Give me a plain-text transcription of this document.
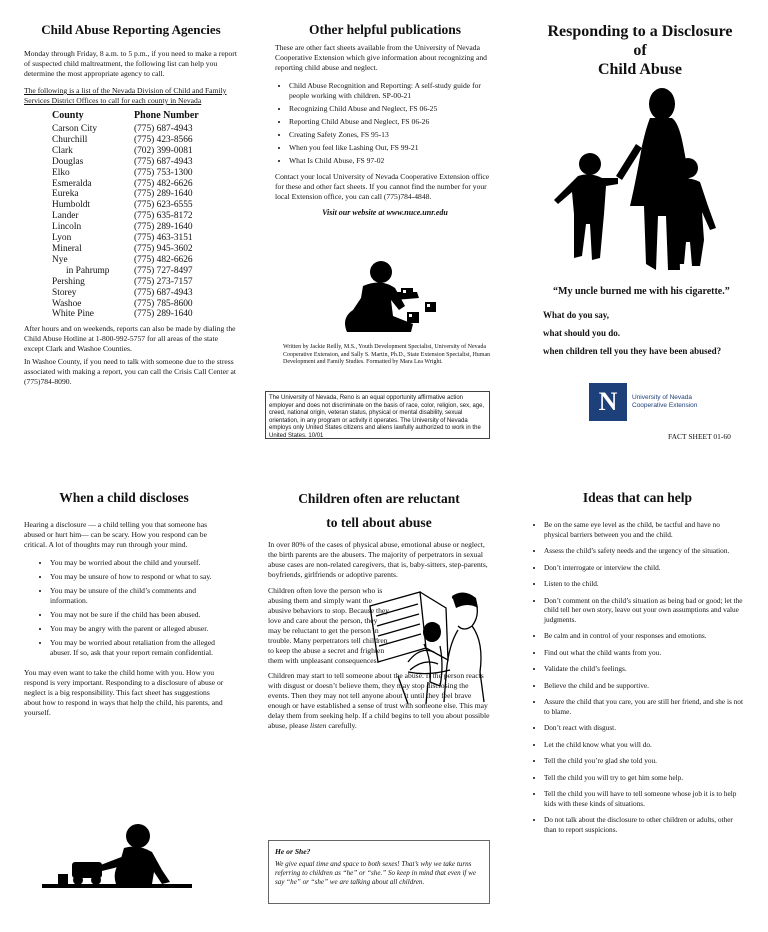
Child Abuse Reporting Agencies

Monday through Friday, 8 a.m. to 5 p.m., if you need to make a report of suspected child maltreatment, the following list can help you determine the most appropriate agency to call.

The following is a list of the Nevada Division of Child and Family Services District Offices to call for each county in Nevada

County	Phone Number
Carson City	(775) 687-4943
Churchill	(775) 423-8566
Clark	(702) 399-0081
Douglas	(775) 687-4943
Elko	(775) 753-1300
Esmeralda	(775) 482-6626
Eureka	(775) 289-1640
Humboldt	(775) 623-6555
Lander	(775) 635-8172
Lincoln	(775) 289-1640
Lyon	(775) 463-3151
Mineral	(775) 945-3602
Nye	(775) 482-6626
in Pahrump	(775) 727-8497
Pershing	(775) 273-7157
Storey	(775) 687-4943
Washoe	(775) 785-8600
White Pine	(775) 289-1640

After hours and on weekends, reports can also be made by dialing the Child Abuse Hotline at 1-800-992-5757 for all areas of the state except Clark and Washoe Counties.

In Washoe County, if you need to talk with someone due to the stress associated with making a report, you can call the Crisis Call Center at (775)784-8090.

Other helpful publications

These are other fact sheets available from the University of Nevada Cooperative Extension which give information about recognizing and reporting child abuse and neglect.

• Child Abuse Recognition and Reporting: A self-study guide for people working with children. SP-00-21
• Recognizing Child Abuse and Neglect, FS 06-25
• Reporting Child Abuse and Neglect, FS 06-26
• Creating Safety Zones, FS 95-13
• When you feel like Lashing Out, FS 99-21
• What Is Child Abuse, FS 97-02

Contact your local University of Nevada Cooperative Extension office for these and other fact sheets. If you cannot find the number for your local Extension office, you can call (775)784-4848.

Visit our website at www.nuce.unr.edu

Written by Jackie Reilly, M.S., Youth Development Specialist, University of Nevada Cooperative Extension, and Sally S. Martin, Ph.D., State Extension Specialist, Human Development and Family Studies. Formatted by Mara Lea Wright.

The University of Nevada, Reno is an equal opportunity affirmative action employer and does not discriminate on the basis of race, color, religion, sex, age, creed, national origin, veteran status, physical or mental disability, sexual orientation, in any program or activity it operates. The University of Nevada employs only United States citizens and aliens lawfully authorized to work in the United States. 10/01
Responding to a Disclosure
of
Child Abuse
“My uncle burned me with his cigarette.”
What do you say,
what should you do.
when children tell you they have been abused?
N University of Nevada
Cooperative Extension
FACT SHEET 01-60
When a child discloses

Hearing a disclosure — a child telling you that someone has abused or hurt him— can be scary. How you respond can be critical. A lot of thoughts may run through your mind.

• You may be worried about the child and yourself.
• You may be unsure of how to respond or what to say.
• You may be unsure of the child’s comments and information.
• You may not be sure if the child has been abused.
• You may be angry with the parent or alleged abuser.
• You may be worried about retaliation from the alleged abuser. If so, ask that your report remain confidential.

You may even want to take the child home with you. How you respond is very important. Responding to a disclosure of abuse or neglect is a big responsibility. This fact sheet has suggestions about how to respond in ways that help the child, his parents, and yourself.

Children often are reluctant
to tell about abuse

In over 80% of the cases of physical abuse, emotional abuse or neglect, the birth parents are the abusers. The majority of perpetrators in sexual abuse cases are non-related caregivers, that is, baby-sitters, step-parents, boyfriends, girlfriends or adoptive parents.

Children often love the person who is abusing them and simply want the abusive behaviors to stop. Because they love and care about the person, they may be reluctant to get the person in trouble. Many perpetrators tell children to keep the abuse a secret and frighten them with unpleasant consequences.

Children may start to tell someone about the abuse. If the person reacts with disgust or doesn’t believe them, they may stop disclosing the events. Then they may not tell anyone about it until they feel brave enough or have established a sense of trust with someone else. This may delay them from seeking help. If a child begins to tell you about possible abuse, please listen carefully.

He or She?
We give equal time and space to both sexes! That’s why we take turns referring to children as “he” or “she.” So keep in mind that even if we say “he” or “she” we are talking about all children.
Ideas that can help
• Be on the same eye level as the child, be tactful and have no physical barriers between you and the child.
• Assess the child’s safety needs and the urgency of the situation.
• Don’t interrogate or interview the child.
• Listen to the child.
• Don’t comment on the child’s situation as being bad or good; let the child tell her own story, leave out your own assumptions and value judgments.
• Be calm and in control of your responses and emotions.
• Find out what the child wants from you.
• Validate the child’s feelings.
• Believe the child and be supportive.
• Assure the child that you care, you are still her friend, and she is not to blame.
• Don’t react with disgust.
• Let the child know what you will do.
• Tell the child you’re glad she told you.
• Tell the child you will try to get him some help.
• Tell the child you will have to tell someone whose job it is to help kids with these kinds of situations.
• Do not talk about the disclosure to other children or adults, other than to report suspicions.
